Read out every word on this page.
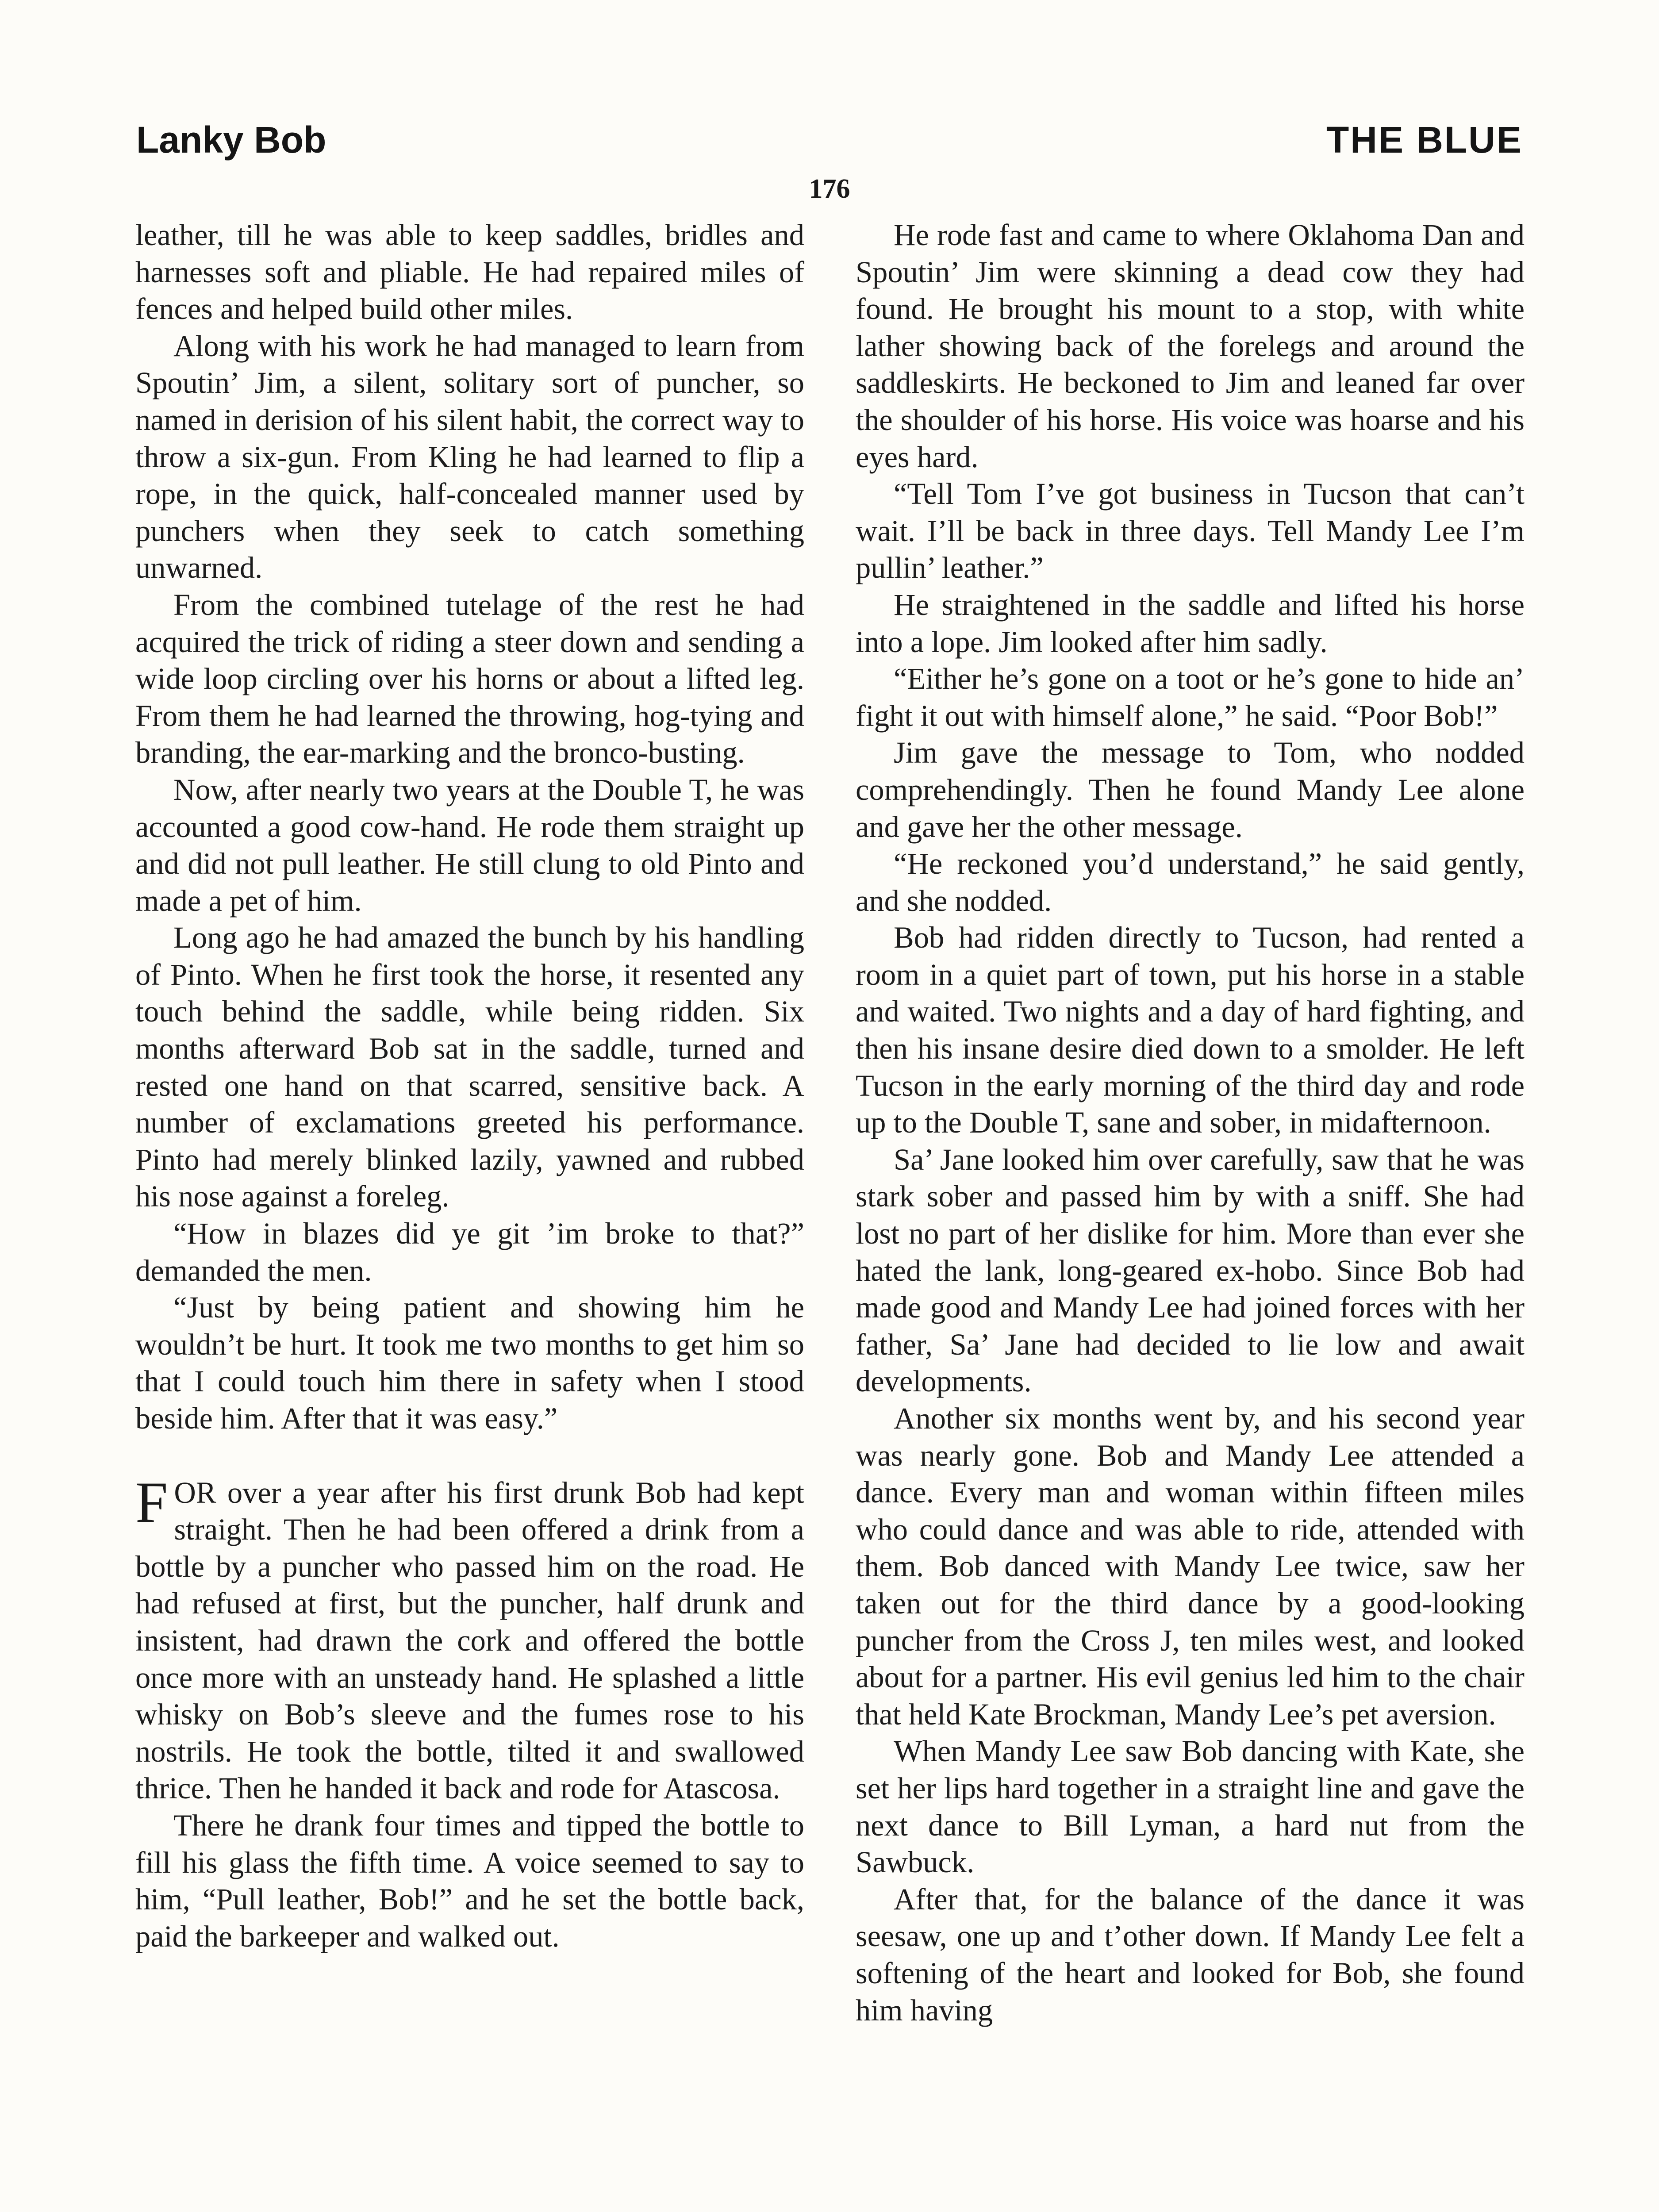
Lanky Bob	THE BLUE
176

leather, till he was able to keep saddles, bridles and harnesses soft and pliable. He had repaired miles of fences and helped build other miles.

Along with his work he had managed to learn from Spoutin’ Jim, a silent, solitary sort of puncher, so named in derision of his silent habit, the correct way to throw a six-gun. From Kling he had learned to flip a rope, in the quick, half-concealed manner used by punchers when they seek to catch something unwarned.

From the combined tutelage of the rest he had acquired the trick of riding a steer down and sending a wide loop circling over his horns or about a lifted leg. From them he had learned the throwing, hog-tying and branding, the ear-marking and the bronco-busting.

Now, after nearly two years at the Double T, he was accounted a good cow-hand. He rode them straight up and did not pull leather. He still clung to old Pinto and made a pet of him.

Long ago he had amazed the bunch by his handling of Pinto. When he first took the horse, it resented any touch behind the saddle, while being ridden. Six months afterward Bob sat in the saddle, turned and rested one hand on that scarred, sensitive back. A number of exclamations greeted his performance. Pinto had merely blinked lazily, yawned and rubbed his nose against a foreleg.

“How in blazes did ye git ’im broke to that?” demanded the men.

“Just by being patient and showing him he wouldn’t be hurt. It took me two months to get him so that I could touch him there in safety when I stood beside him. After that it was easy.”

FOR over a year after his first drunk Bob had kept straight. Then he had been offered a drink from a bottle by a puncher who passed him on the road. He had refused at first, but the puncher, half drunk and insistent, had drawn the cork and offered the bottle once more with an unsteady hand. He splashed a little whisky on Bob’s sleeve and the fumes rose to his nostrils. He took the bottle, tilted it and swallowed thrice. Then he handed it back and rode for Atascosa.

There he drank four times and tipped the bottle to fill his glass the fifth time. A voice seemed to say to him, “Pull leather, Bob!” and he set the bottle back, paid the barkeeper and walked out.

He rode fast and came to where Oklahoma Dan and Spoutin’ Jim were skinning a dead cow they had found. He brought his mount to a stop, with white lather showing back of the forelegs and around the saddleskirts. He beckoned to Jim and leaned far over the shoulder of his horse. His voice was hoarse and his eyes hard.

“Tell Tom I’ve got business in Tucson that can’t wait. I’ll be back in three days. Tell Mandy Lee I’m pullin’ leather.”

He straightened in the saddle and lifted his horse into a lope. Jim looked after him sadly.

“Either he’s gone on a toot or he’s gone to hide an’ fight it out with himself alone,” he said. “Poor Bob!”

Jim gave the message to Tom, who nodded comprehendingly. Then he found Mandy Lee alone and gave her the other message.

“He reckoned you’d understand,” he said gently, and she nodded.

Bob had ridden directly to Tucson, had rented a room in a quiet part of town, put his horse in a stable and waited. Two nights and a day of hard fighting, and then his insane desire died down to a smolder. He left Tucson in the early morning of the third day and rode up to the Double T, sane and sober, in midafternoon.

Sa’ Jane looked him over carefully, saw that he was stark sober and passed him by with a sniff. She had lost no part of her dislike for him. More than ever she hated the lank, long-geared ex-hobo. Since Bob had made good and Mandy Lee had joined forces with her father, Sa’ Jane had decided to lie low and await developments.

Another six months went by, and his second year was nearly gone. Bob and Mandy Lee attended a dance. Every man and woman within fifteen miles who could dance and was able to ride, attended with them. Bob danced with Mandy Lee twice, saw her taken out for the third dance by a good-looking puncher from the Cross J, ten miles west, and looked about for a partner. His evil genius led him to the chair that held Kate Brockman, Mandy Lee’s pet aversion.

When Mandy Lee saw Bob dancing with Kate, she set her lips hard together in a straight line and gave the next dance to Bill Lyman, a hard nut from the Sawbuck.

After that, for the balance of the dance it was seesaw, one up and t’other down. If Mandy Lee felt a softening of the heart and looked for Bob, she found him having
